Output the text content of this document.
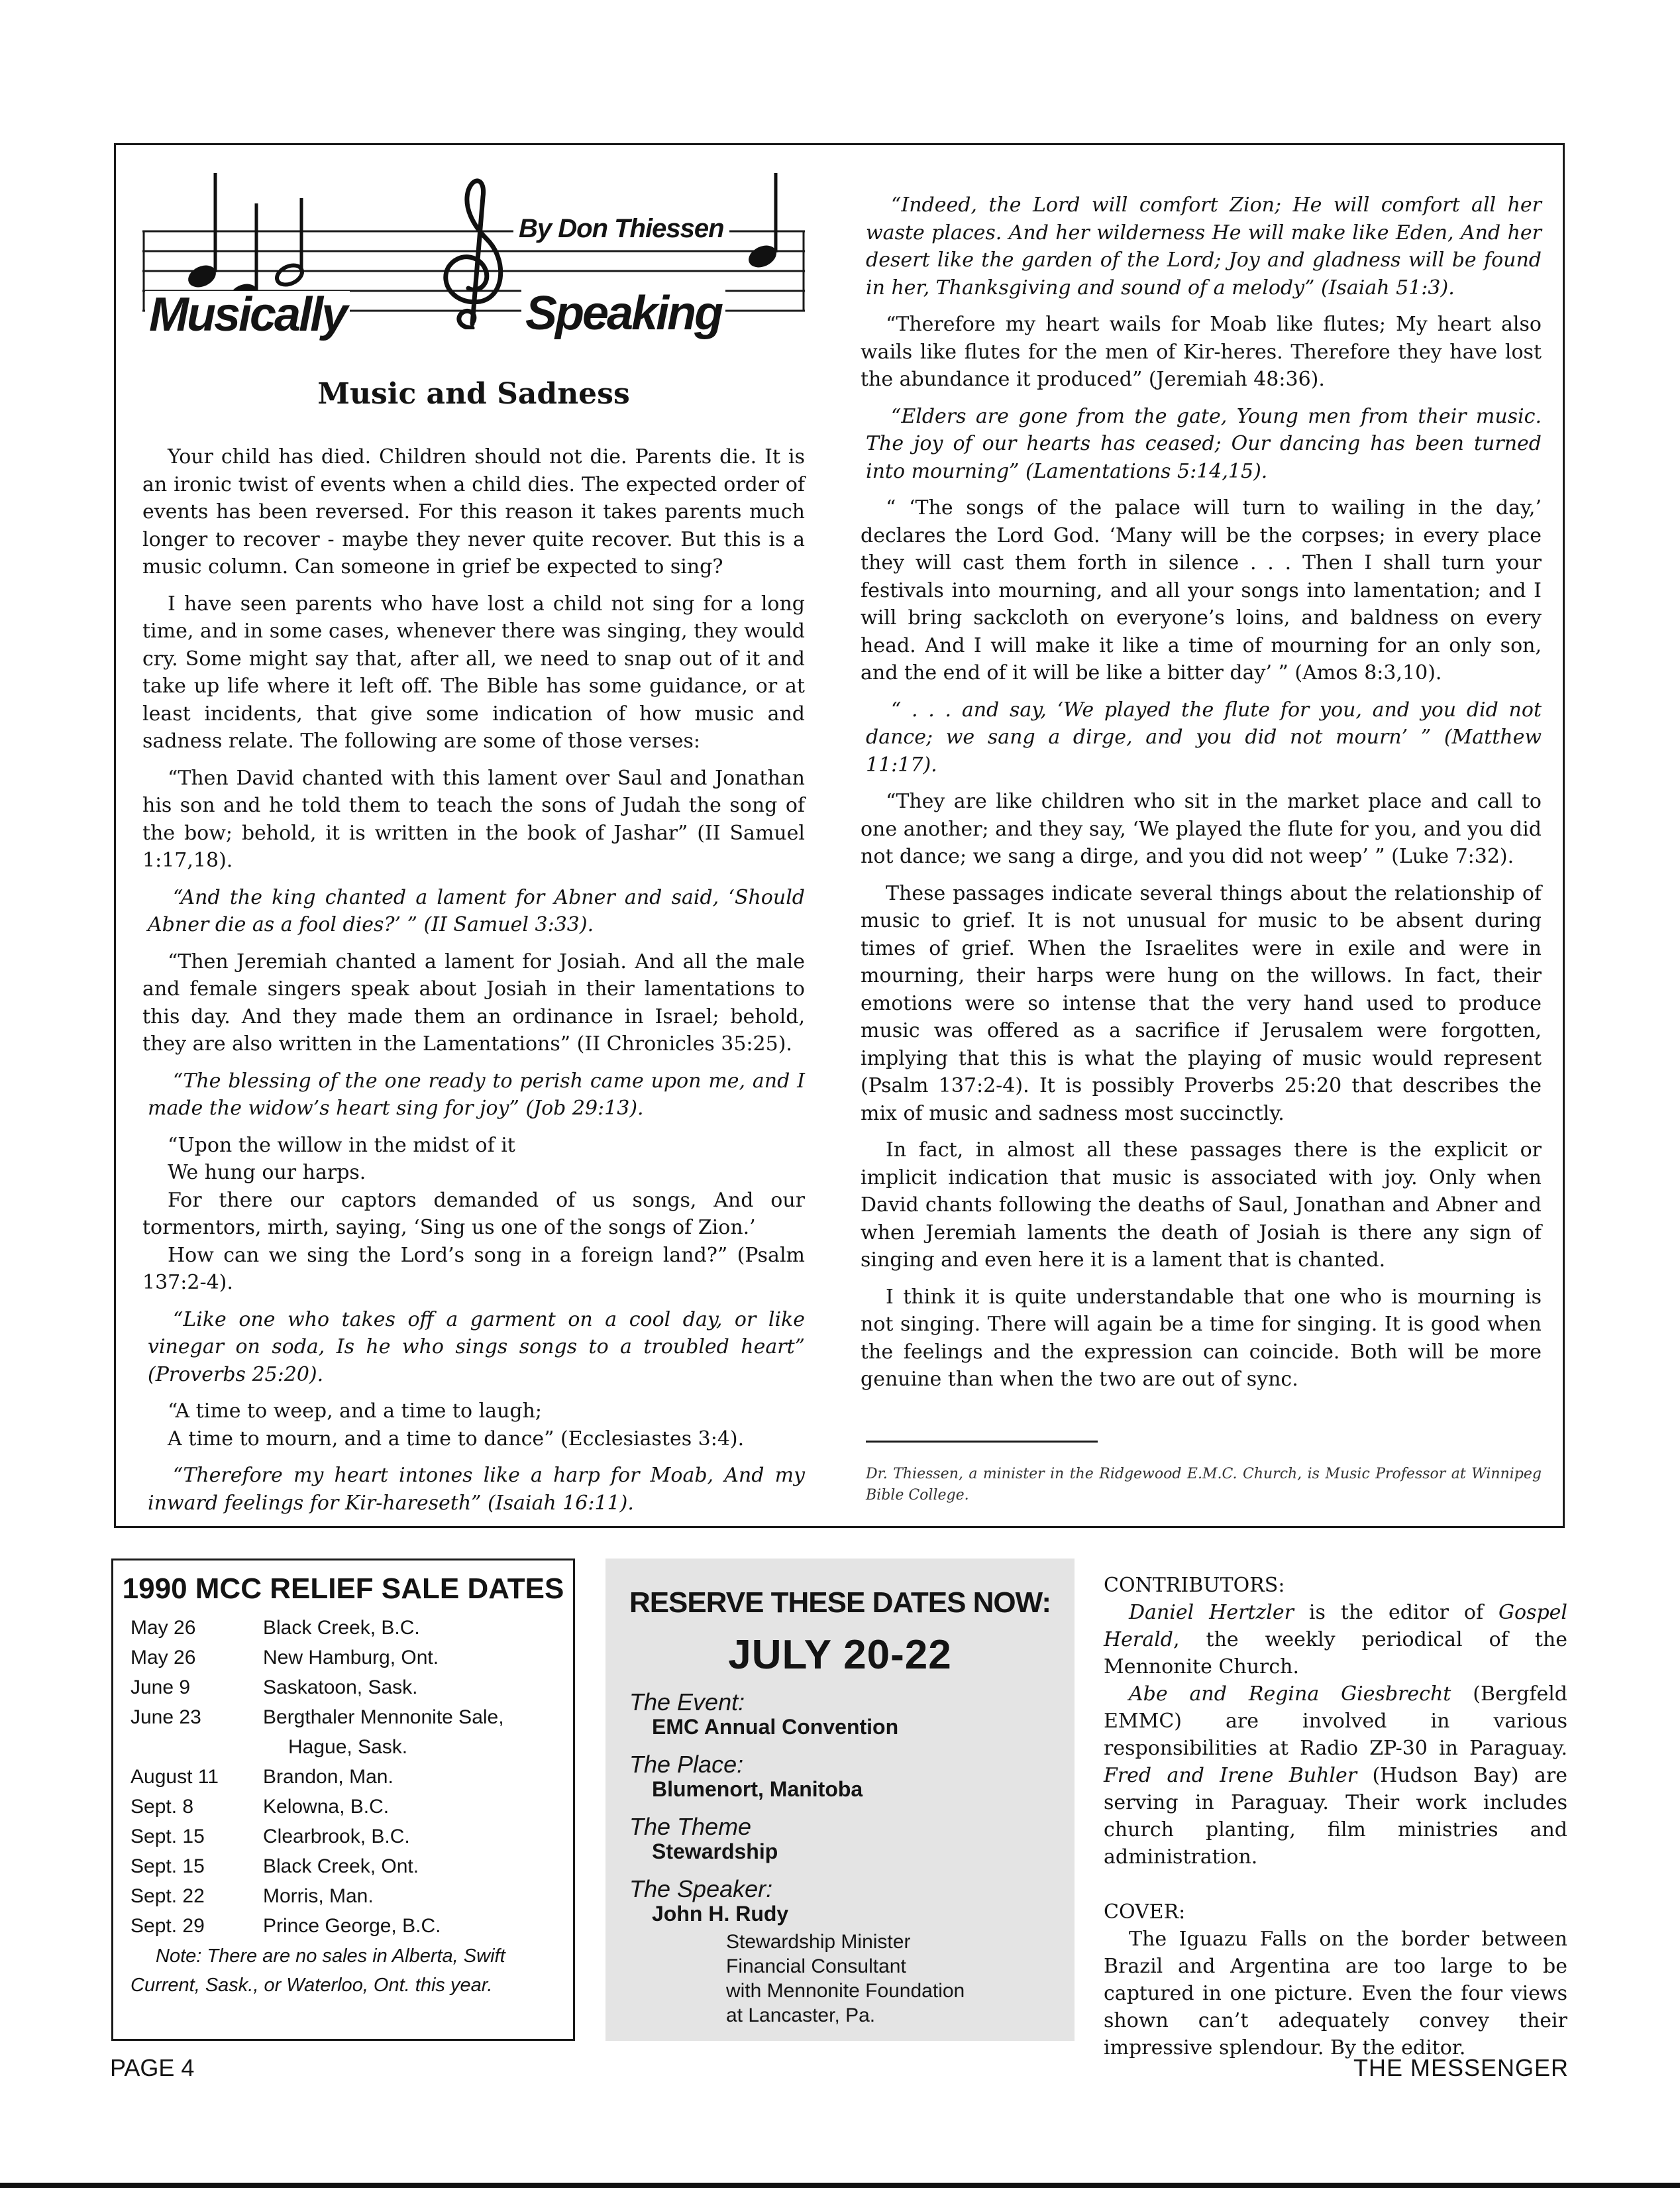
By Don Thiessen
Musically	Speaking
Music and Sadness

Your child has died. Children should not die. Parents die. It is an ironic twist of events when a child dies. The expected order of events has been reversed. For this reason it takes parents much longer to recover - maybe they never quite recover. But this is a music column. Can someone in grief be expected to sing?

I have seen parents who have lost a child not sing for a long time, and in some cases, whenever there was singing, they would cry. Some might say that, after all, we need to snap out of it and take up life where it left off. The Bible has some guidance, or at least incidents, that give some indication of how music and sadness relate. The following are some of those verses:

“Then David chanted with this lament over Saul and Jonathan his son and he told them to teach the sons of Judah the song of the bow; behold, it is written in the book of Jashar” (II Samuel 1:17,18).

“And the king chanted a lament for Abner and said, ‘Should Abner die as a fool dies?’ ” (II Samuel 3:33).

“Then Jeremiah chanted a lament for Josiah. And all the male and female singers speak about Josiah in their lamentations to this day. And they made them an ordinance in Israel; behold, they are also written in the Lamentations” (II Chronicles 35:25).

“The blessing of the one ready to perish came upon me, and I made the widow’s heart sing for joy” (Job 29:13).

“Upon the willow in the midst of it

We hung our harps.

For there our captors demanded of us songs, And our tormentors, mirth, saying, ‘Sing us one of the songs of Zion.’

How can we sing the Lord’s song in a foreign land?” (Psalm 137:2-4).

“Like one who takes off a garment on a cool day, or like vinegar on soda, Is he who sings songs to a troubled heart” (Proverbs 25:20).

“A time to weep, and a time to laugh;

A time to mourn, and a time to dance” (Ecclesiastes 3:4).

“Therefore my heart intones like a harp for Moab, And my inward feelings for Kir-hareseth” (Isaiah 16:11).

“Indeed, the Lord will comfort Zion; He will comfort all her waste places. And her wilderness He will make like Eden, And her desert like the garden of the Lord; Joy and gladness will be found in her, Thanksgiving and sound of a melody” (Isaiah 51:3).

“Therefore my heart wails for Moab like flutes; My heart also wails like flutes for the men of Kir-heres. Therefore they have lost the abundance it produced” (Jeremiah 48:36).

“Elders are gone from the gate, Young men from their music. The joy of our hearts has ceased; Our dancing has been turned into mourning” (Lamentations 5:14,15).

“ ‘The songs of the palace will turn to wailing in the day,’ declares the Lord God. ‘Many will be the corpses; in every place they will cast them forth in silence . . . Then I shall turn your festivals into mourning, and all your songs into lamentation; and I will bring sackcloth on everyone’s loins, and baldness on every head. And I will make it like a time of mourning for an only son, and the end of it will be like a bitter day’ ” (Amos 8:3,10).

“ . . . and say, ‘We played the flute for you, and you did not dance; we sang a dirge, and you did not mourn’ ” (Matthew 11:17).

“They are like children who sit in the market place and call to one another; and they say, ‘We played the flute for you, and you did not dance; we sang a dirge, and you did not weep’ ” (Luke 7:32).

These passages indicate several things about the relationship of music to grief. It is not unusual for music to be absent during times of grief. When the Israelites were in exile and were in mourning, their harps were hung on the willows. In fact, their emotions were so intense that the very hand used to produce music was offered as a sacrifice if Jerusalem were forgotten, implying that this is what the playing of music would represent (Psalm 137:2-4). It is possibly Proverbs 25:20 that describes the mix of music and sadness most succinctly.

In fact, in almost all these passages there is the explicit or implicit indication that music is associated with joy. Only when David chants following the deaths of Saul, Jonathan and Abner and when Jeremiah laments the death of Josiah is there any sign of singing and even here it is a lament that is chanted.

I think it is quite understandable that one who is mourning is not singing. There will again be a time for singing. It is good when the feelings and the expression can coincide. Both will be more genuine than when the two are out of sync.

Dr. Thiessen, a minister in the Ridgewood E.M.C. Church, is Music Professor at Winnipeg Bible College.
1990 MCC RELIEF SALE DATES
May 26	Black Creek, B.C.
May 26	New Hamburg, Ont.
June 9	Saskatoon, Sask.
June 23	Bergthaler Mennonite Sale,
Hague, Sask.
August 11 Brandon, Man.
Sept. 8	Kelowna, B.C.
Sept. 15	Clearbrook, B.C.
Sept. 15	Black Creek, Ont.
Sept. 22	Morris, Man.
Sept. 29	Prince George, B.C.
Note: There are no sales in Alberta, Swift Current, Sask., or Waterloo, Ont. this year.
RESERVE THESE DATES NOW:
JULY 20-22
The Event:
EMC Annual Convention
The Place:
Blumenort, Manitoba
The Theme
Stewardship
The Speaker:
John H. Rudy
Stewardship Minister
Financial Consultant
with Mennonite Foundation
at Lancaster, Pa.

CONTRIBUTORS:

Daniel Hertzler is the editor of Gospel Herald, the weekly periodical of the Mennonite Church.

Abe and Regina Giesbrecht (Bergfeld EMMC) are involved in various responsibilities at Radio ZP-30 in Paraguay. Fred and Irene Buhler (Hudson Bay) are serving in Paraguay. Their work includes church planting, film ministries and administration.

COVER:

The Iguazu Falls on the border between Brazil and Argentina are too large to be captured in one picture. Even the four views shown can’t adequately convey their impressive splendour. By the editor.

PAGE 4	THE MESSENGER
